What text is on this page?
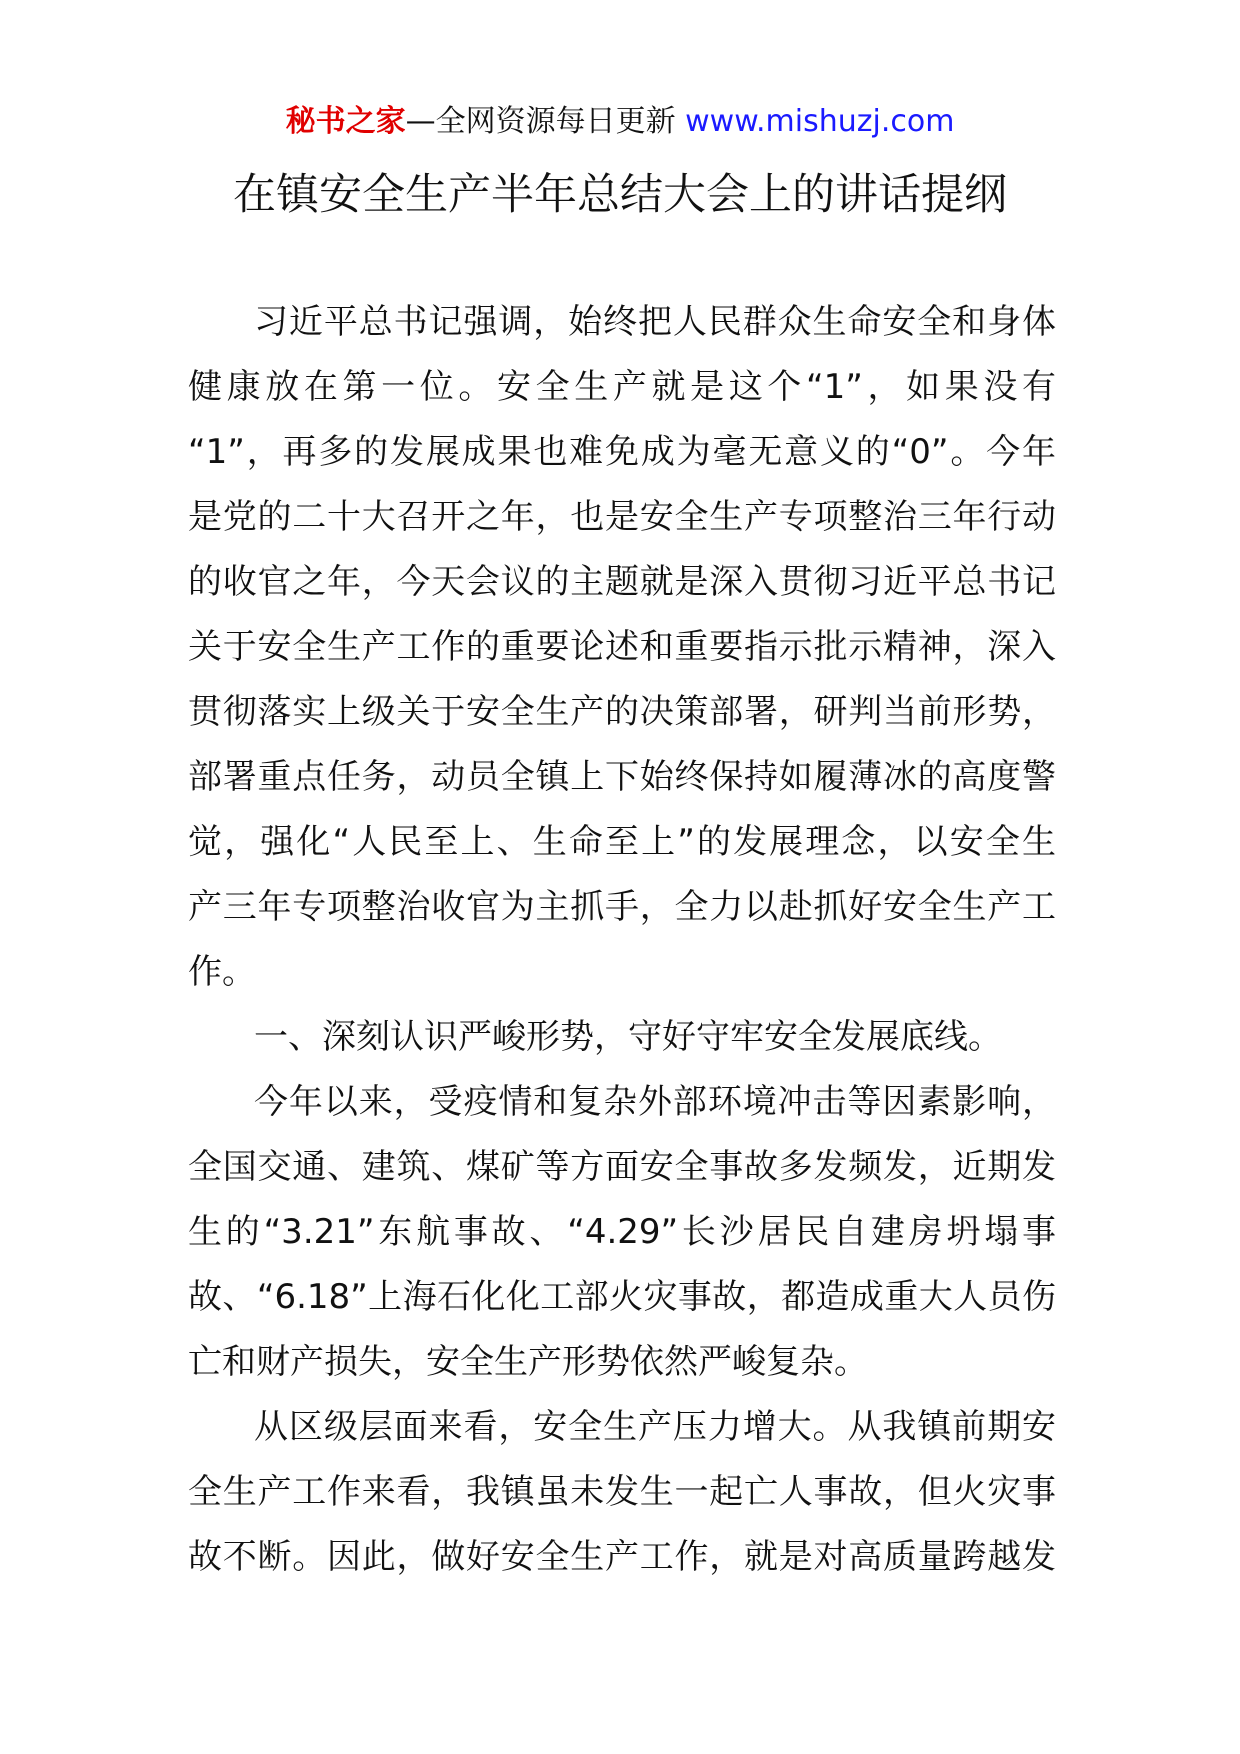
秘书之家—全网资源每日更新 www.mishuzj.com
在镇安全生产半年总结大会上的讲话提纲
习近平总书记强调，始终把人民群众生命安全和身体
健康放在第一位。安全生产就是这个“1”，如果没有
“1”，再多的发展成果也难免成为毫无意义的“0”。今年
是党的二十大召开之年，也是安全生产专项整治三年行动
的收官之年，今天会议的主题就是深入贯彻习近平总书记
关于安全生产工作的重要论述和重要指示批示精神，深入
贯彻落实上级关于安全生产的决策部署，研判当前形势，
部署重点任务，动员全镇上下始终保持如履薄冰的高度警
觉，强化“人民至上、生命至上”的发展理念，以安全生
产三年专项整治收官为主抓手，全力以赴抓好安全生产工
作。
一、深刻认识严峻形势，守好守牢安全发展底线。
今年以来，受疫情和复杂外部环境冲击等因素影响，
全国交通、建筑、煤矿等方面安全事故多发频发，近期发
生的“3.21”东航事故、“4.29”长沙居民自建房坍塌事
故、“6.18”上海石化化工部火灾事故，都造成重大人员伤
亡和财产损失，安全生产形势依然严峻复杂。
从区级层面来看，安全生产压力增大。从我镇前期安
全生产工作来看，我镇虽未发生一起亡人事故，但火灾事
故不断。因此，做好安全生产工作，就是对高质量跨越发
